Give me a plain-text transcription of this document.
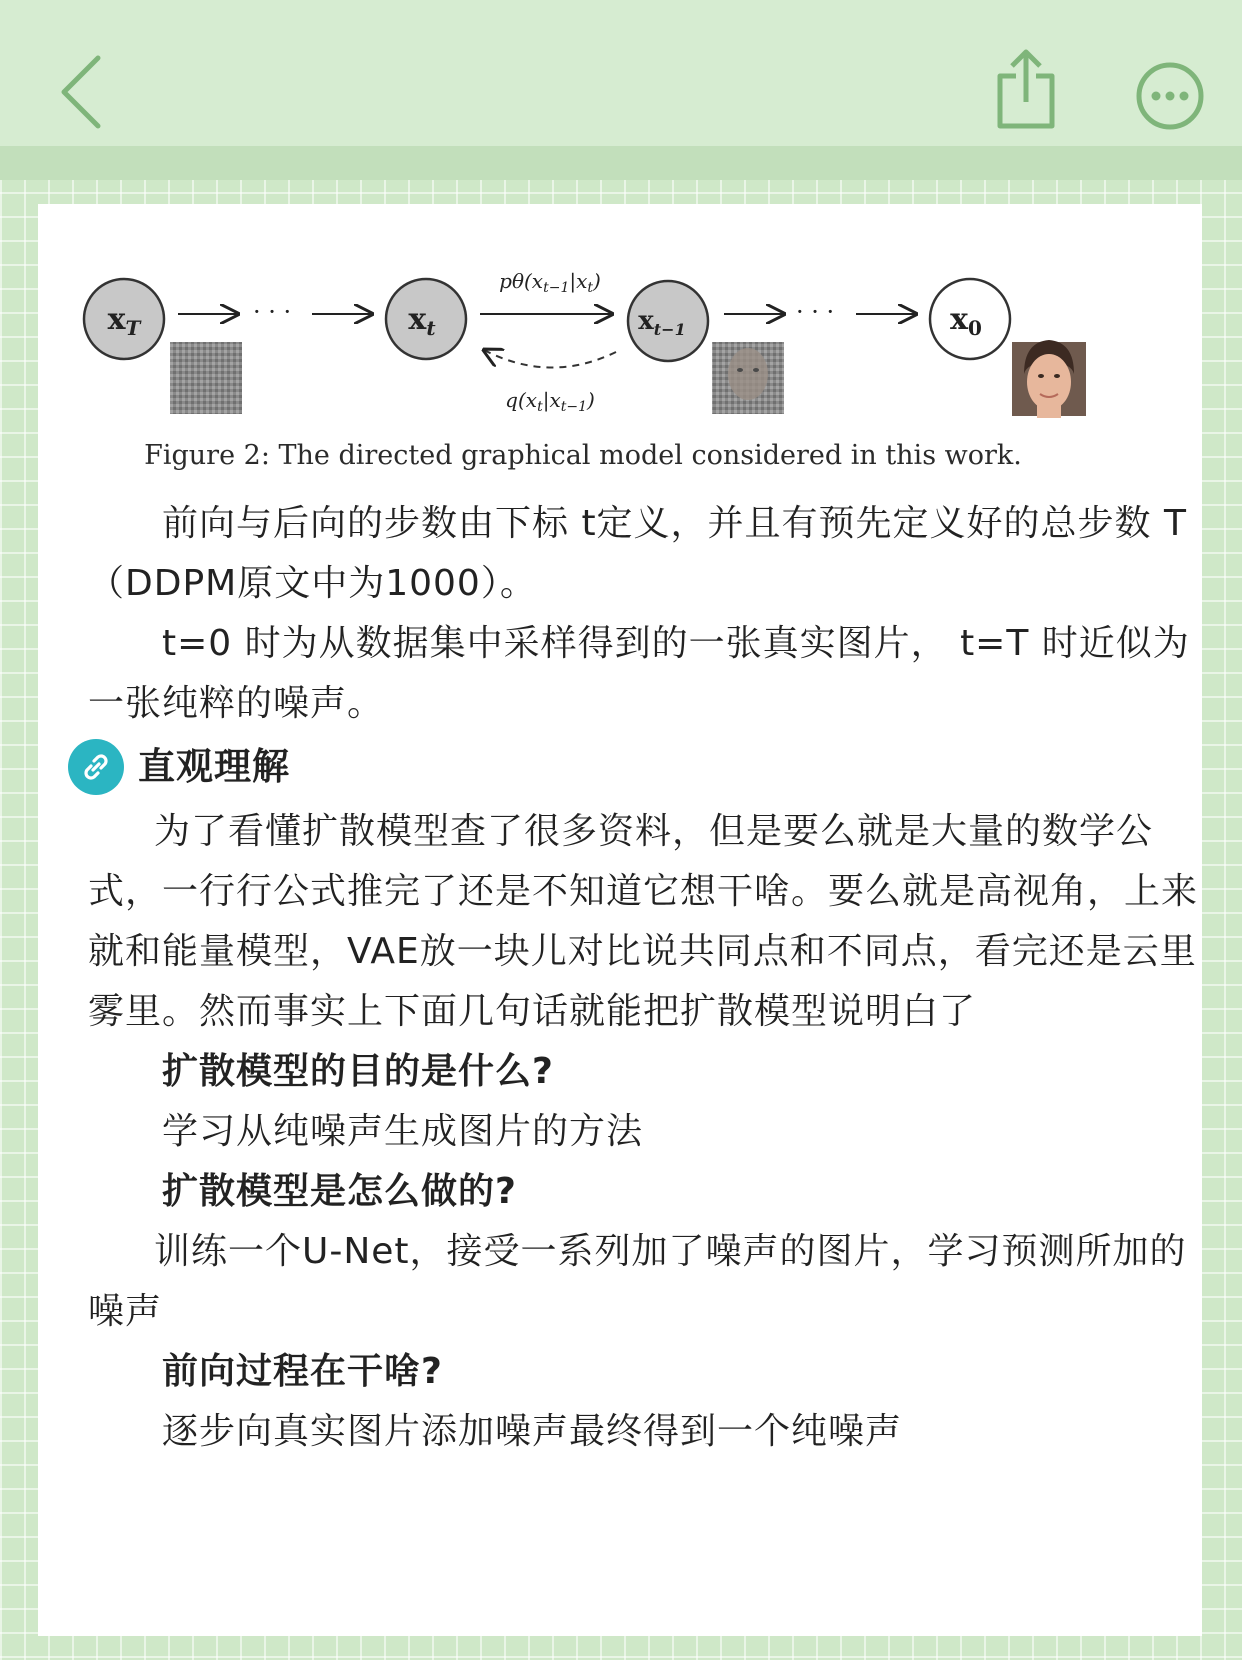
$x_T$
· · ·	$x_t$
$p\theta(x_{t-1}|x_t)$
$q(x_t|x_{t-1})$
$x_{t-1}$
· · ·	$x_0$
Figure 2: The directed graphical model considered in this work.

前向与后向的步数由下标 t定义，并且有预先定义好的总步数 T（DDPM原文中为1000）。

t=0 时为从数据集中采样得到的一张真实图片， t=T 时近似为一张纯粹的噪声。

直观理解

为了看懂扩散模型查了很多资料，但是要么就是大量的数学公式，一行行公式推完了还是不知道它想干啥。要么就是高视角，上来就和能量模型，VAE放一块儿对比说共同点和不同点，看完还是云里雾里。然而事实上下面几句话就能把扩散模型说明白了

扩散模型的目的是什么?

学习从纯噪声生成图片的方法

扩散模型是怎么做的?

训练一个U-Net，接受一系列加了噪声的图片，学习预测所加的噪声

前向过程在干啥?

逐步向真实图片添加噪声最终得到一个纯噪声
